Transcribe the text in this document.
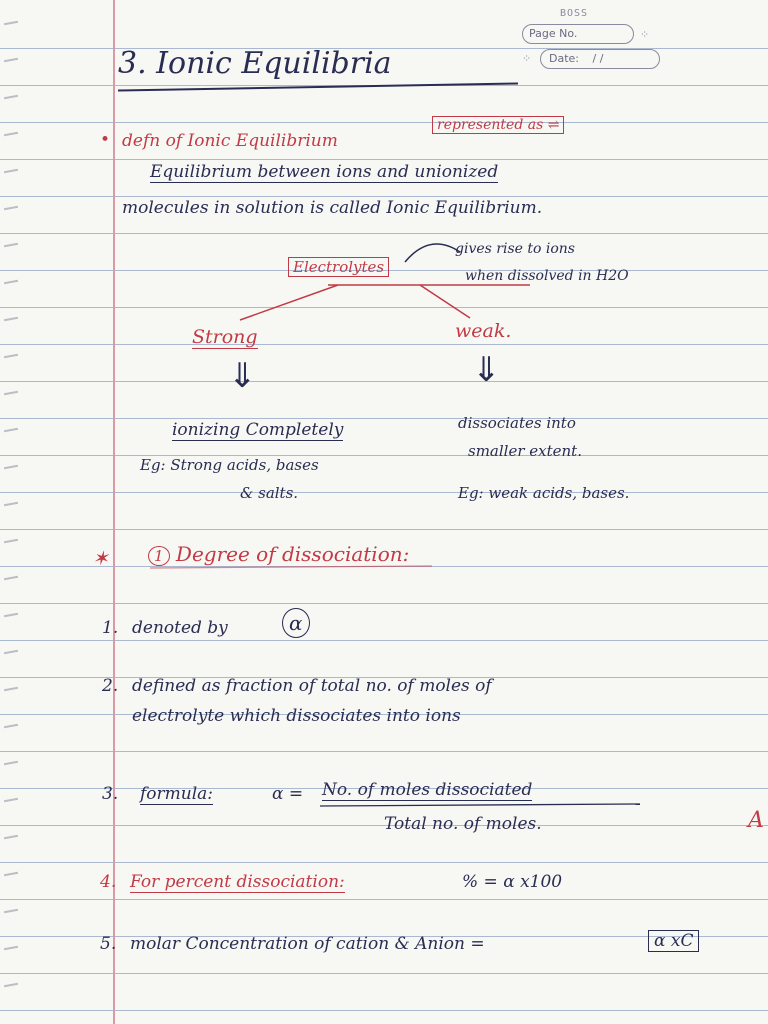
BOSS
Page No.
Date: / /
⁘
⁘
3. Ionic Equilibria
• defn of Ionic Equilibrium
represented as ⇌
Equilibrium between ions and unionized
molecules in solution is called Ionic Equilibrium.
Electrolytes
gives rise to ions
when dissolved in H2O
Strong	weak.
⇓	⇓
ionizing Completely
Eg: Strong acids, bases
& salts.
dissociates into
smaller extent.
Eg: weak acids, bases.
✶	1 Degree of dissociation:
1. denoted by	α
2. defined as fraction of total no. of moles of
electrolyte which dissociates into ions
3. formula:	α = No. of moles dissociated
Total no. of moles.
4. For percent dissociation:	% = α x100
5. molar Concentration of cation & Anion =	α xC
A
